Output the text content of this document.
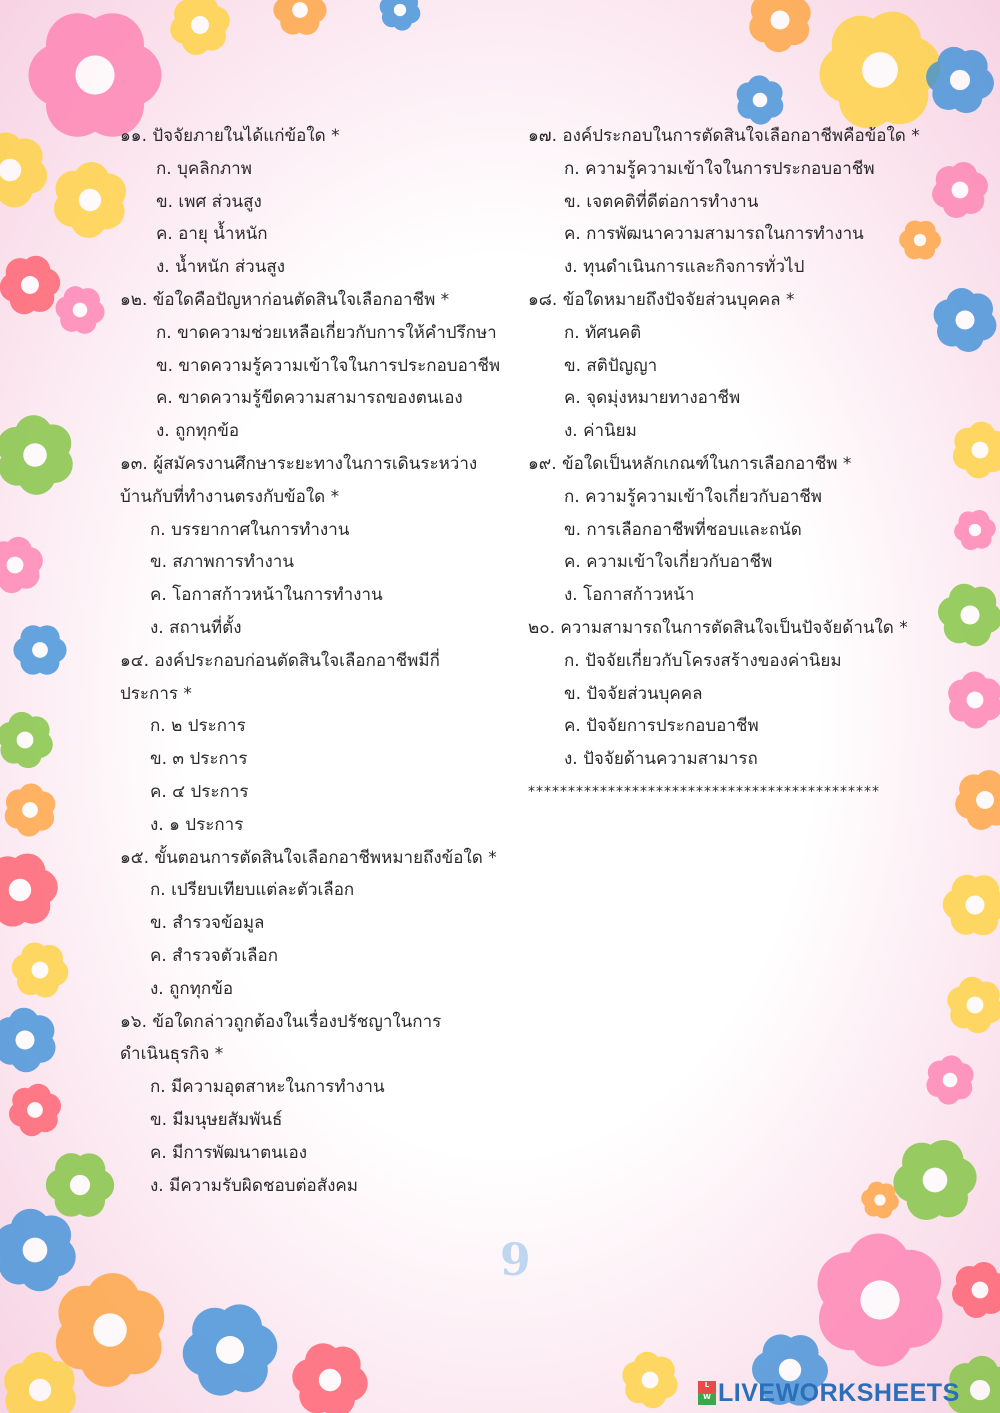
๑๑. ปัจจัยภายในได้แก่ข้อใด *
ก. บุคลิกภาพ
ข. เพศ ส่วนสูง
ค. อายุ น้ำหนัก
ง. น้ำหนัก ส่วนสูง
๑๒. ข้อใดคือปัญหาก่อนตัดสินใจเลือกอาชีพ *
ก. ขาดความช่วยเหลือเกี่ยวกับการให้คำปรึกษา
ข. ขาดความรู้ความเข้าใจในการประกอบอาชีพ
ค. ขาดความรู้ขีดความสามารถของตนเอง
ง. ถูกทุกข้อ
๑๓. ผู้สมัครงานศึกษาระยะทางในการเดินระหว่าง
บ้านกับที่ทำงานตรงกับข้อใด *
ก. บรรยากาศในการทำงาน
ข. สภาพการทำงาน
ค. โอกาสก้าวหน้าในการทำงาน
ง. สถานที่ตั้ง
๑๔. องค์ประกอบก่อนตัดสินใจเลือกอาชีพมีกี่
ประการ *
ก. ๒ ประการ
ข. ๓ ประการ
ค. ๔ ประการ
ง. ๑ ประการ
๑๕. ขั้นตอนการตัดสินใจเลือกอาชีพหมายถึงข้อใด *
ก. เปรียบเทียบแต่ละตัวเลือก
ข. สำรวจข้อมูล
ค. สำรวจตัวเลือก
ง. ถูกทุกข้อ
๑๖. ข้อใดกล่าวถูกต้องในเรื่องปรัชญาในการ
ดำเนินธุรกิจ *
ก. มีความอุตสาหะในการทำงาน
ข. มีมนุษยสัมพันธ์
ค. มีการพัฒนาตนเอง
ง. มีความรับผิดชอบต่อสังคม
๑๗. องค์ประกอบในการตัดสินใจเลือกอาชีพคือข้อใด *
ก. ความรู้ความเข้าใจในการประกอบอาชีพ
ข. เจตคติที่ดีต่อการทำงาน
ค. การพัฒนาความสามารถในการทำงาน
ง. ทุนดำเนินการและกิจการทั่วไป
๑๘. ข้อใดหมายถึงปัจจัยส่วนบุคคล *
ก. ทัศนคติ
ข. สติปัญญา
ค. จุดมุ่งหมายทางอาชีพ
ง. ค่านิยม
๑๙. ข้อใดเป็นหลักเกณฑ์ในการเลือกอาชีพ *
ก. ความรู้ความเข้าใจเกี่ยวกับอาชีพ
ข. การเลือกอาชีพที่ชอบและถนัด
ค. ความเข้าใจเกี่ยวกับอาชีพ
ง. โอกาสก้าวหน้า
๒๐. ความสามารถในการตัดสินใจเป็นปัจจัยด้านใด *
ก. ปัจจัยเกี่ยวกับโครงสร้างของค่านิยม
ข. ปัจจัยส่วนบุคคล
ค. ปัจจัยการประกอบอาชีพ
ง. ปัจจัยด้านความสามารถ
********************************************
9
L
W LIVEWORKSHEETS
